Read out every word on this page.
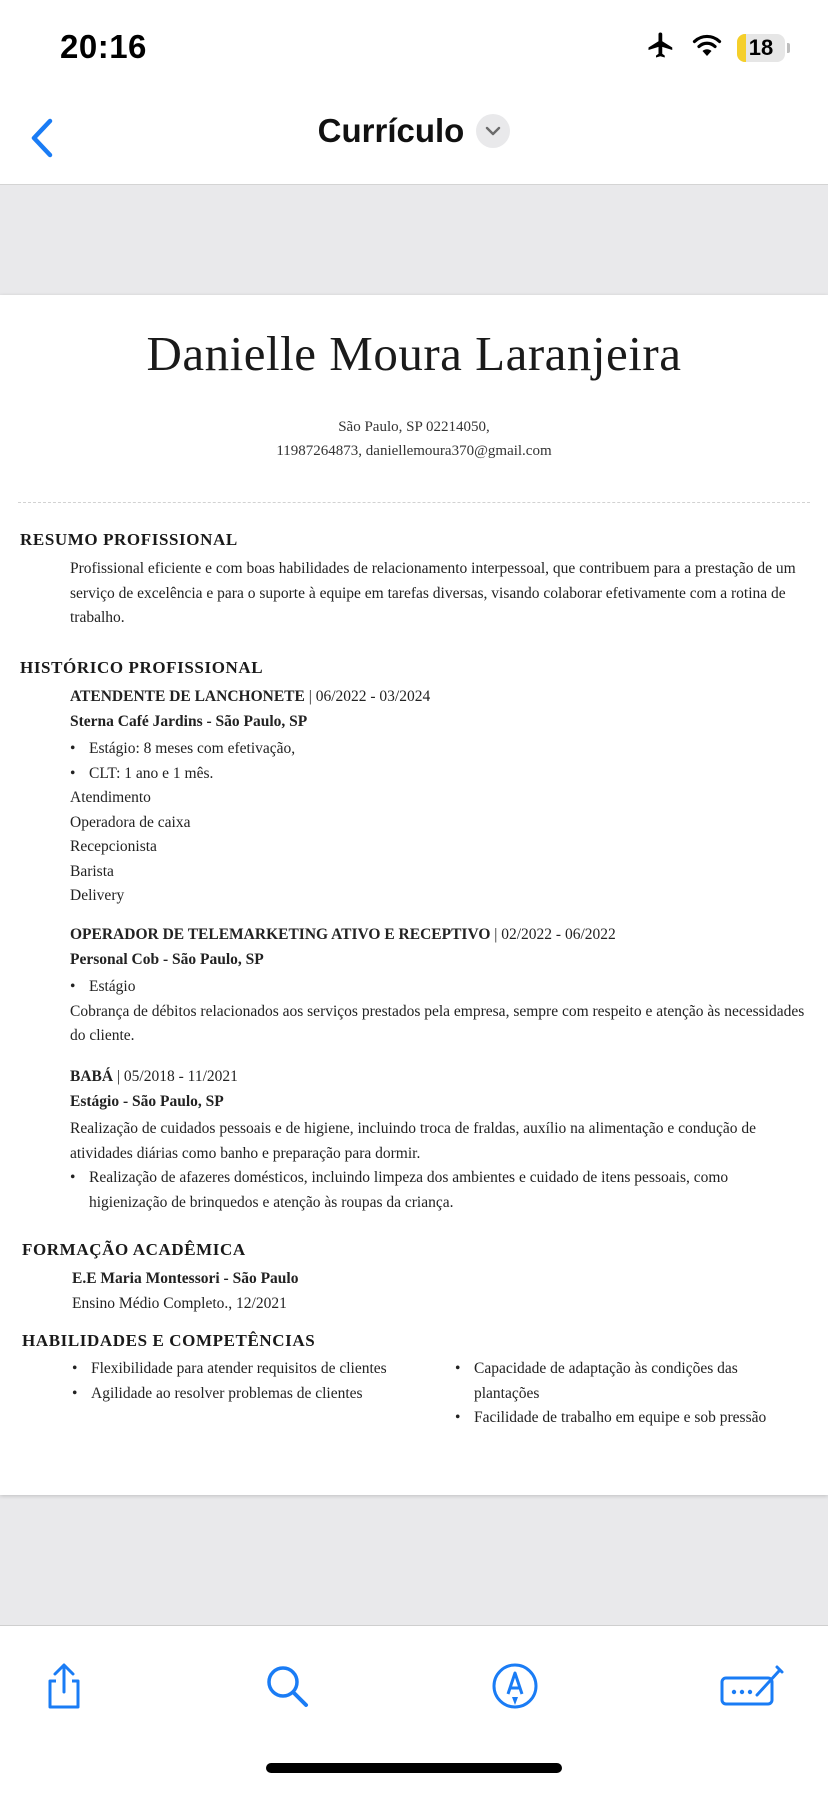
20:16	18
Currículo
Danielle Moura Laranjeira
São Paulo, SP 02214050,
11987264873, daniellemoura370@gmail.com
RESUMO PROFISSIONAL
Profissional eficiente e com boas habilidades de relacionamento interpessoal, que contribuem para a prestação de um serviço de excelência e para o suporte à equipe em tarefas diversas, visando colaborar efetivamente com a rotina de trabalho.
HISTÓRICO PROFISSIONAL
ATENDENTE DE LANCHONETE | 06/2022 - 03/2024
Sterna Café Jardins - São Paulo, SP
• Estágio: 8 meses com efetivação,
• CLT: 1 ano e 1 mês.
Atendimento
Operadora de caixa
Recepcionista
Barista
Delivery
OPERADOR DE TELEMARKETING ATIVO E RECEPTIVO | 02/2022 - 06/2022
Personal Cob - São Paulo, SP
• Estágio
Cobrança de débitos relacionados aos serviços prestados pela empresa, sempre com respeito e atenção às necessidades do cliente.
BABÁ | 05/2018 - 11/2021
Estágio - São Paulo, SP
Realização de cuidados pessoais e de higiene, incluindo troca de fraldas, auxílio na alimentação e condução de atividades diárias como banho e preparação para dormir.
• Realização de afazeres domésticos, incluindo limpeza dos ambientes e cuidado de itens pessoais, como higienização de brinquedos e atenção às roupas da criança.
FORMAÇÃO ACADÊMICA
E.E Maria Montessori - São Paulo
Ensino Médio Completo., 12/2021
HABILIDADES E COMPETÊNCIAS
• Flexibilidade para atender requisitos de clientes
• Agilidade ao resolver problemas de clientes
• Capacidade de adaptação às condições das plantações
• Facilidade de trabalho em equipe e sob pressão
